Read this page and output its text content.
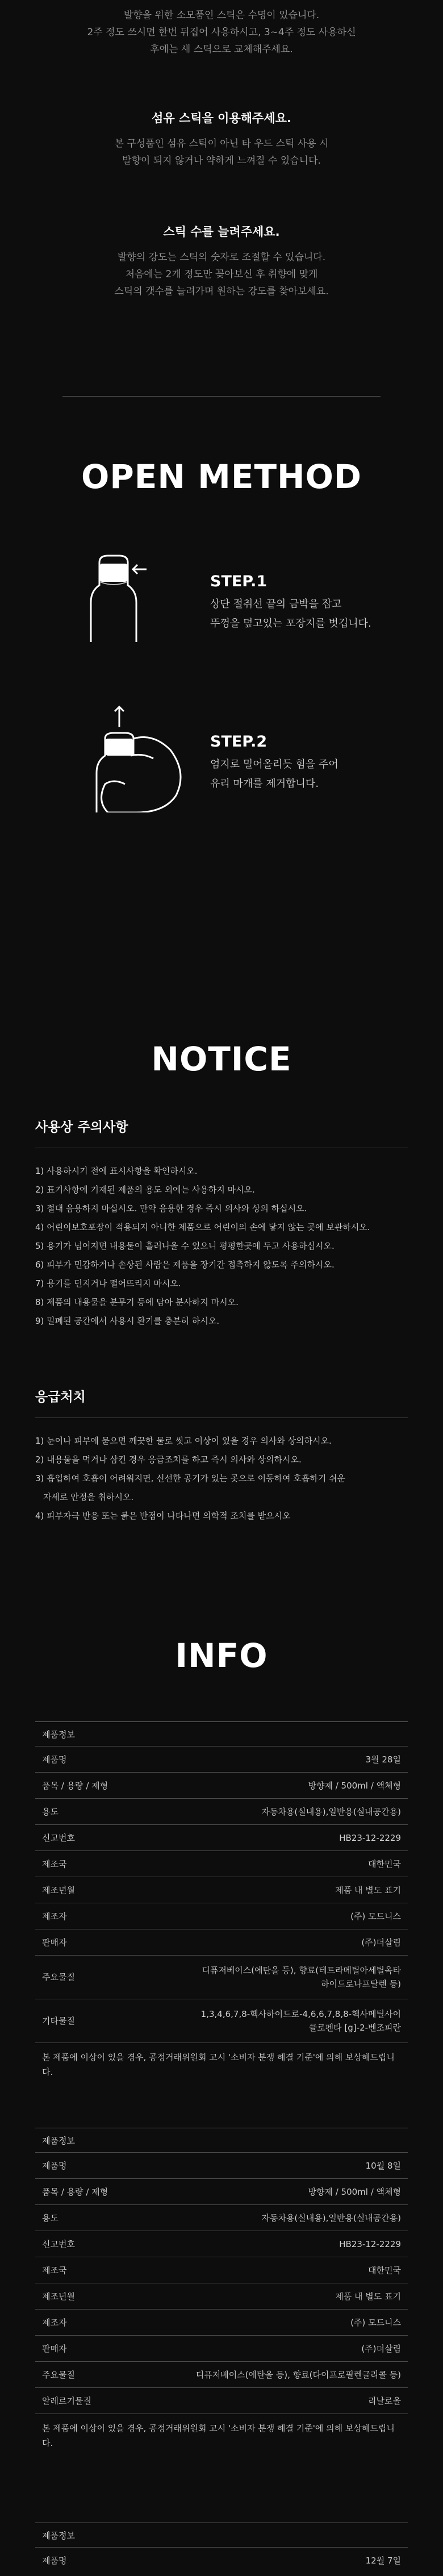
발향을 위한 소모품인 스틱은 수명이 있습니다.
2주 정도 쓰시면 한번 뒤집어 사용하시고, 3~4주 정도 사용하신
후에는 새 스틱으로 교체해주세요.

섬유 스틱을 이용해주세요.

본 구성품인 섬유 스틱이 아닌 타 우드 스틱 사용 시
발향이 되지 않거나 약하게 느껴질 수 있습니다.

스틱 수를 늘려주세요.

발향의 강도는 스틱의 숫자로 조절할 수 있습니다.
처음에는 2개 정도만 꽂아보신 후 취향에 맞게
스틱의 갯수를 늘려가며 원하는 강도를 찾아보세요.
OPEN METHOD
STEP.1
상단 절취선 끝의 금박을 잡고
뚜껑을 덮고있는 포장지를 벗깁니다.
STEP.2
엄지로 밀어올리듯 힘을 주어
유리 마개를 제거합니다.
NOTICE
사용상 주의사항
1) 사용하시기 전에 표시사항을 확인하시오.
2) 표기사항에 기재된 제품의 용도 외에는 사용하지 마시오.
3) 절대 음용하지 마십시오. 만약 음용한 경우 즉시 의사와 상의 하십시오.
4) 어린이보호포장이 적용되지 아니한 제품으로 어린이의 손에 닿지 않는 곳에 보관하시오.
5) 용기가 넘어지면 내용물이 흘러나올 수 있으니 평평한곳에 두고 사용하십시오.
6) 피부가 민감하거나 손상된 사람은 제품을 장기간 접촉하지 않도록 주의하시오.
7) 용기를 던지거나 떨어뜨리지 마시오.
8) 제품의 내용물을 분무기 등에 담아 분사하지 마시오.
9) 밀폐된 공간에서 사용시 환기를 충분히 하시오.
응급처치
1) 눈이나 피부에 묻으면 깨끗한 물로 씻고 이상이 있을 경우 의사와 상의하시오.
2) 내용물을 먹거나 삼킨 경우 응급조치를 하고 즉시 의사와 상의하시오.
3) 흡입하여 호흡이 어려워지면, 신선한 공기가 있는 곳으로 이동하여 호흡하기 쉬운
자세로 안정을 취하시오.
4) 피부자극 반응 또는 붉은 반점이 나타나면 의학적 조치를 받으시오
INFO
제품정보	
제품명	3월 28일
품목 / 용량 / 제형	방향제 / 500ml / 액체형
용도	자동차용(실내용),일반용(실내공간용)
신고번호	HB23-12-2229
제조국	대한민국
제조년월	제품 내 별도 표기
제조자	(주) 모드니스
판매자	(주)더살림
주요물질	디퓨저베이스(에탄올 등), 향료(테트라메틸아세틸옥타하이드로나프탈렌 등)
기타물질	1,3,4,6,7,8-헥사하이드로-4,6,6,7,8,8-헥사메틸사이클로펜타 [g]-2-벤조피란
본 제품에 이상이 있을 경우, 공정거래위원회 고시 '소비자 분쟁 해결 기준'에 의해 보상해드립니다.	
제품정보	
제품명	10월 8일
품목 / 용량 / 제형	방향제 / 500ml / 액체형
용도	자동차용(실내용),일반용(실내공간용)
신고번호	HB23-12-2229
제조국	대한민국
제조년월	제품 내 별도 표기
제조자	(주) 모드니스
판매자	(주)더살림
주요물질	디퓨저베이스(에탄올 등), 향료(다이프로필렌글리콜 등)
알레르기물질	리날로올
본 제품에 이상이 있을 경우, 공정거래위원회 고시 '소비자 분쟁 해결 기준'에 의해 보상해드립니다.	
제품정보
제품명	12월 7일
